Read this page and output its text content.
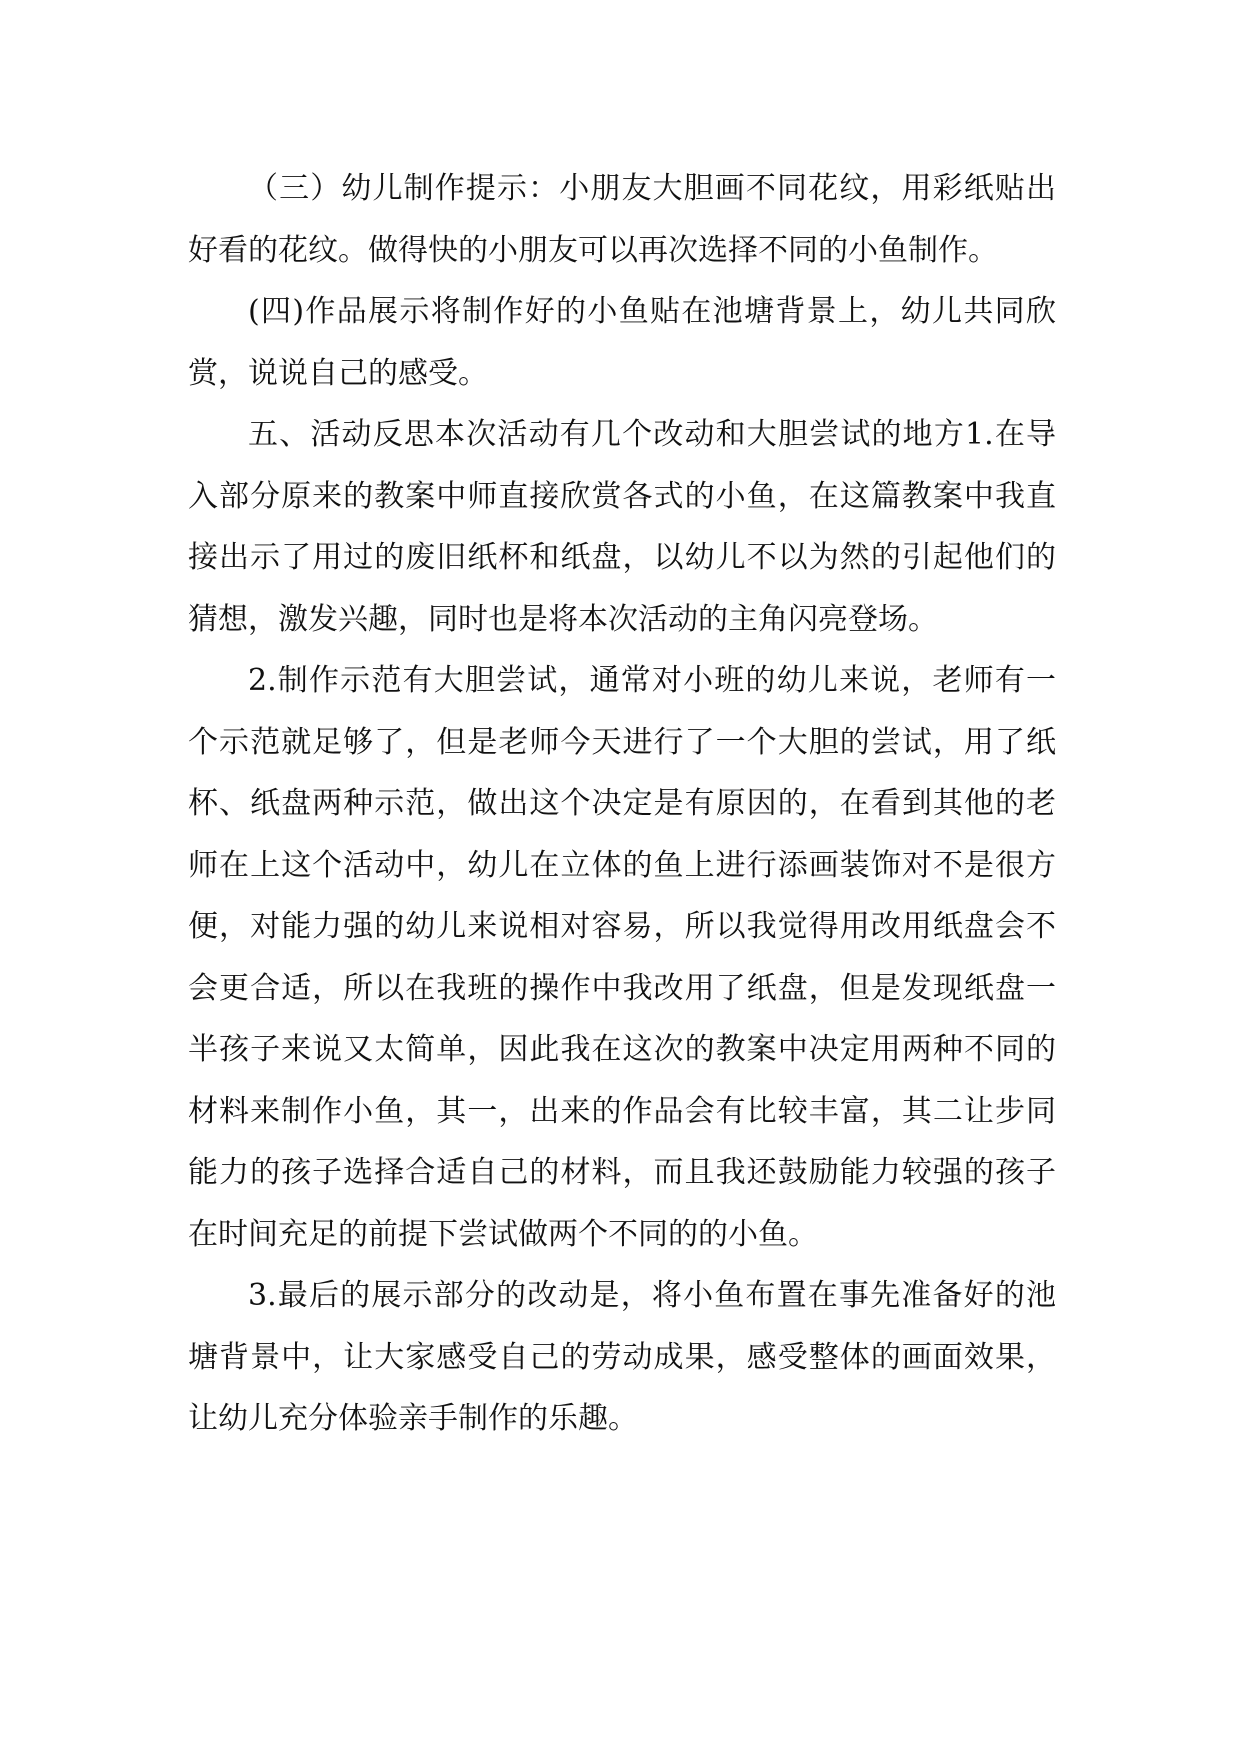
（三）幼儿制作提示：小朋友大胆画不同花纹，用彩纸贴出好看的花纹。做得快的小朋友可以再次选择不同的小鱼制作。

(四)作品展示将制作好的小鱼贴在池塘背景上，幼儿共同欣赏，说说自己的感受。

五、活动反思本次活动有几个改动和大胆尝试的地方1.在导入部分原来的教案中师直接欣赏各式的小鱼，在这篇教案中我直接出示了用过的废旧纸杯和纸盘，以幼儿不以为然的引起他们的猜想，激发兴趣，同时也是将本次活动的主角闪亮登场。

2.制作示范有大胆尝试，通常对小班的幼儿来说，老师有一个示范就足够了，但是老师今天进行了一个大胆的尝试，用了纸杯、纸盘两种示范，做出这个决定是有原因的，在看到其他的老师在上这个活动中，幼儿在立体的鱼上进行添画装饰对不是很方便，对能力强的幼儿来说相对容易，所以我觉得用改用纸盘会不会更合适，所以在我班的操作中我改用了纸盘，但是发现纸盘一半孩子来说又太简单，因此我在这次的教案中决定用两种不同的材料来制作小鱼，其一，出来的作品会有比较丰富，其二让步同能力的孩子选择合适自己的材料，而且我还鼓励能力较强的孩子在时间充足的前提下尝试做两个不同的的小鱼。

3.最后的展示部分的改动是，将小鱼布置在事先准备好的池塘背景中，让大家感受自己的劳动成果，感受整体的画面效果，让幼儿充分体验亲手制作的乐趣。
